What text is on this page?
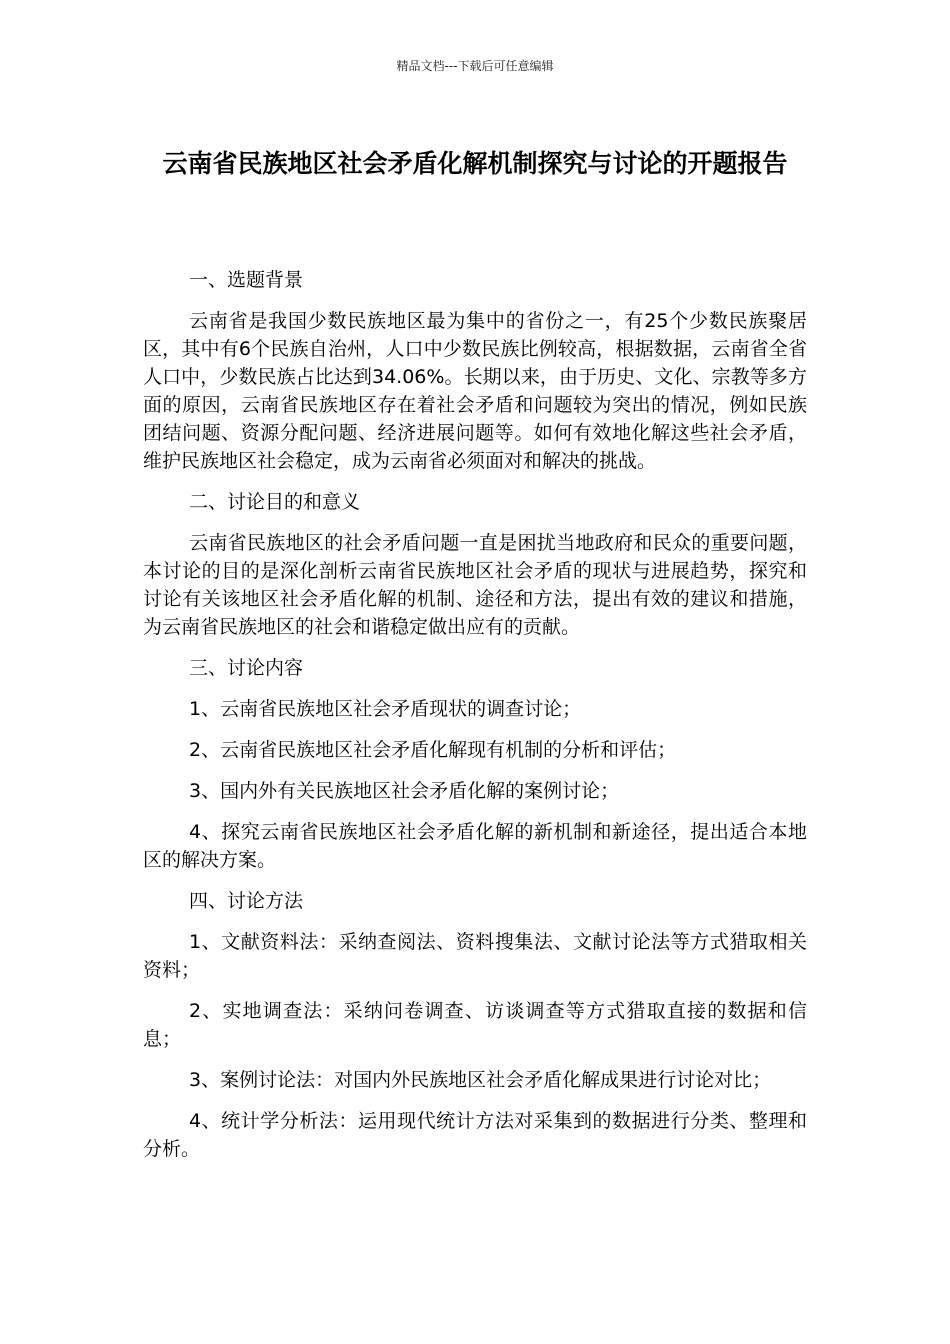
精品文档---下载后可任意编辑
云南省民族地区社会矛盾化解机制探究与讨论的开题报告

一、选题背景

云南省是我国少数民族地区最为集中的省份之一，有25个少数民族聚居区，其中有6个民族自治州，人口中少数民族比例较高，根据数据，云南省全省人口中，少数民族占比达到34.06%。长期以来，由于历史、文化、宗教等多方面的原因，云南省民族地区存在着社会矛盾和问题较为突出的情况，例如民族团结问题、资源分配问题、经济进展问题等。如何有效地化解这些社会矛盾，维护民族地区社会稳定，成为云南省必须面对和解决的挑战。

二、讨论目的和意义

云南省民族地区的社会矛盾问题一直是困扰当地政府和民众的重要问题，本讨论的目的是深化剖析云南省民族地区社会矛盾的现状与进展趋势，探究和讨论有关该地区社会矛盾化解的机制、途径和方法，提出有效的建议和措施，为云南省民族地区的社会和谐稳定做出应有的贡献。

三、讨论内容

1、云南省民族地区社会矛盾现状的调查讨论；

2、云南省民族地区社会矛盾化解现有机制的分析和评估；

3、国内外有关民族地区社会矛盾化解的案例讨论；

4、探究云南省民族地区社会矛盾化解的新机制和新途径，提出适合本地区的解决方案。

四、讨论方法

1、文献资料法：采纳查阅法、资料搜集法、文献讨论法等方式猎取相关资料；

2、实地调查法：采纳问卷调查、访谈调查等方式猎取直接的数据和信息；

3、案例讨论法：对国内外民族地区社会矛盾化解成果进行讨论对比；

4、统计学分析法：运用现代统计方法对采集到的数据进行分类、整理和分析。
